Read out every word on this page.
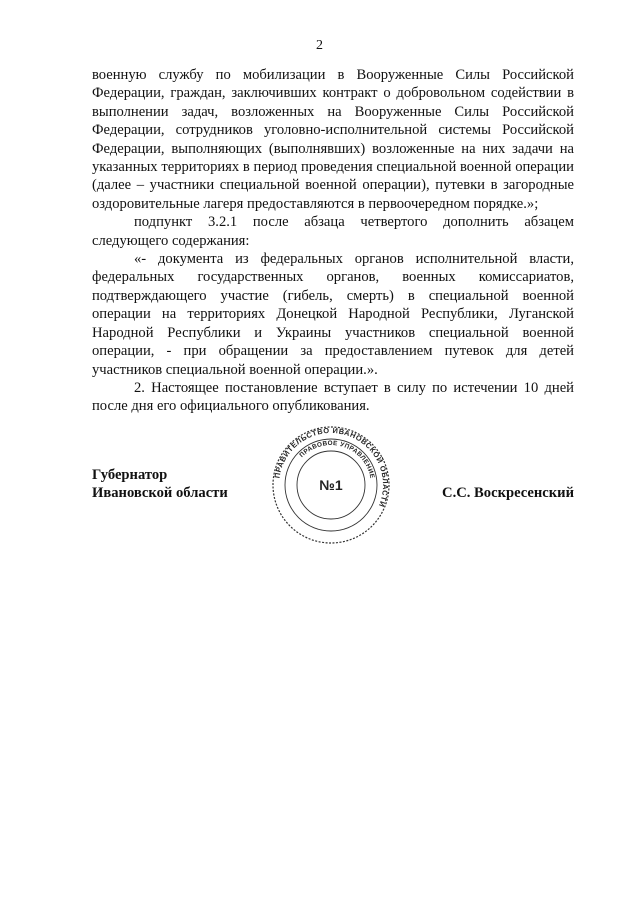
2

военную службу по мобилизации в Вооруженные Силы Российской Федерации, граждан, заключивших контракт о добровольном содействии в выполнении задач, возложенных на Вооруженные Силы Российской Федерации, сотрудников уголовно-исполнительной системы Российской Федерации, выполняющих (выполнявших) возложенные на них задачи на указанных территориях в период проведения специальной военной операции (далее – участники специальной военной операции), путевки в загородные оздоровительные лагеря предоставляются в первоочередном порядке.»;

подпункт 3.2.1 после абзаца четвертого дополнить абзацем следующего содержания:

«- документа из федеральных органов исполнительной власти, федеральных государственных органов, военных комиссариатов, подтверждающего участие (гибель, смерть) в специальной военной операции на территориях Донецкой Народной Республики, Луганской Народной Республики и Украины участников специальной военной операции, - при обращении за предоставлением путевок для детей участников специальной военной операции.».

2. Настоящее постановление вступает в силу по истечении 10 дней после дня его официального опубликования.

ПРАВИТЕЛЬСТВО ИВАНОВСКОЙ ОБЛАСТИ
ПРАВОВОЕ УПРАВЛЕНИЕ
№1
Губернатор
Ивановской области	С.С. Воскресенский
